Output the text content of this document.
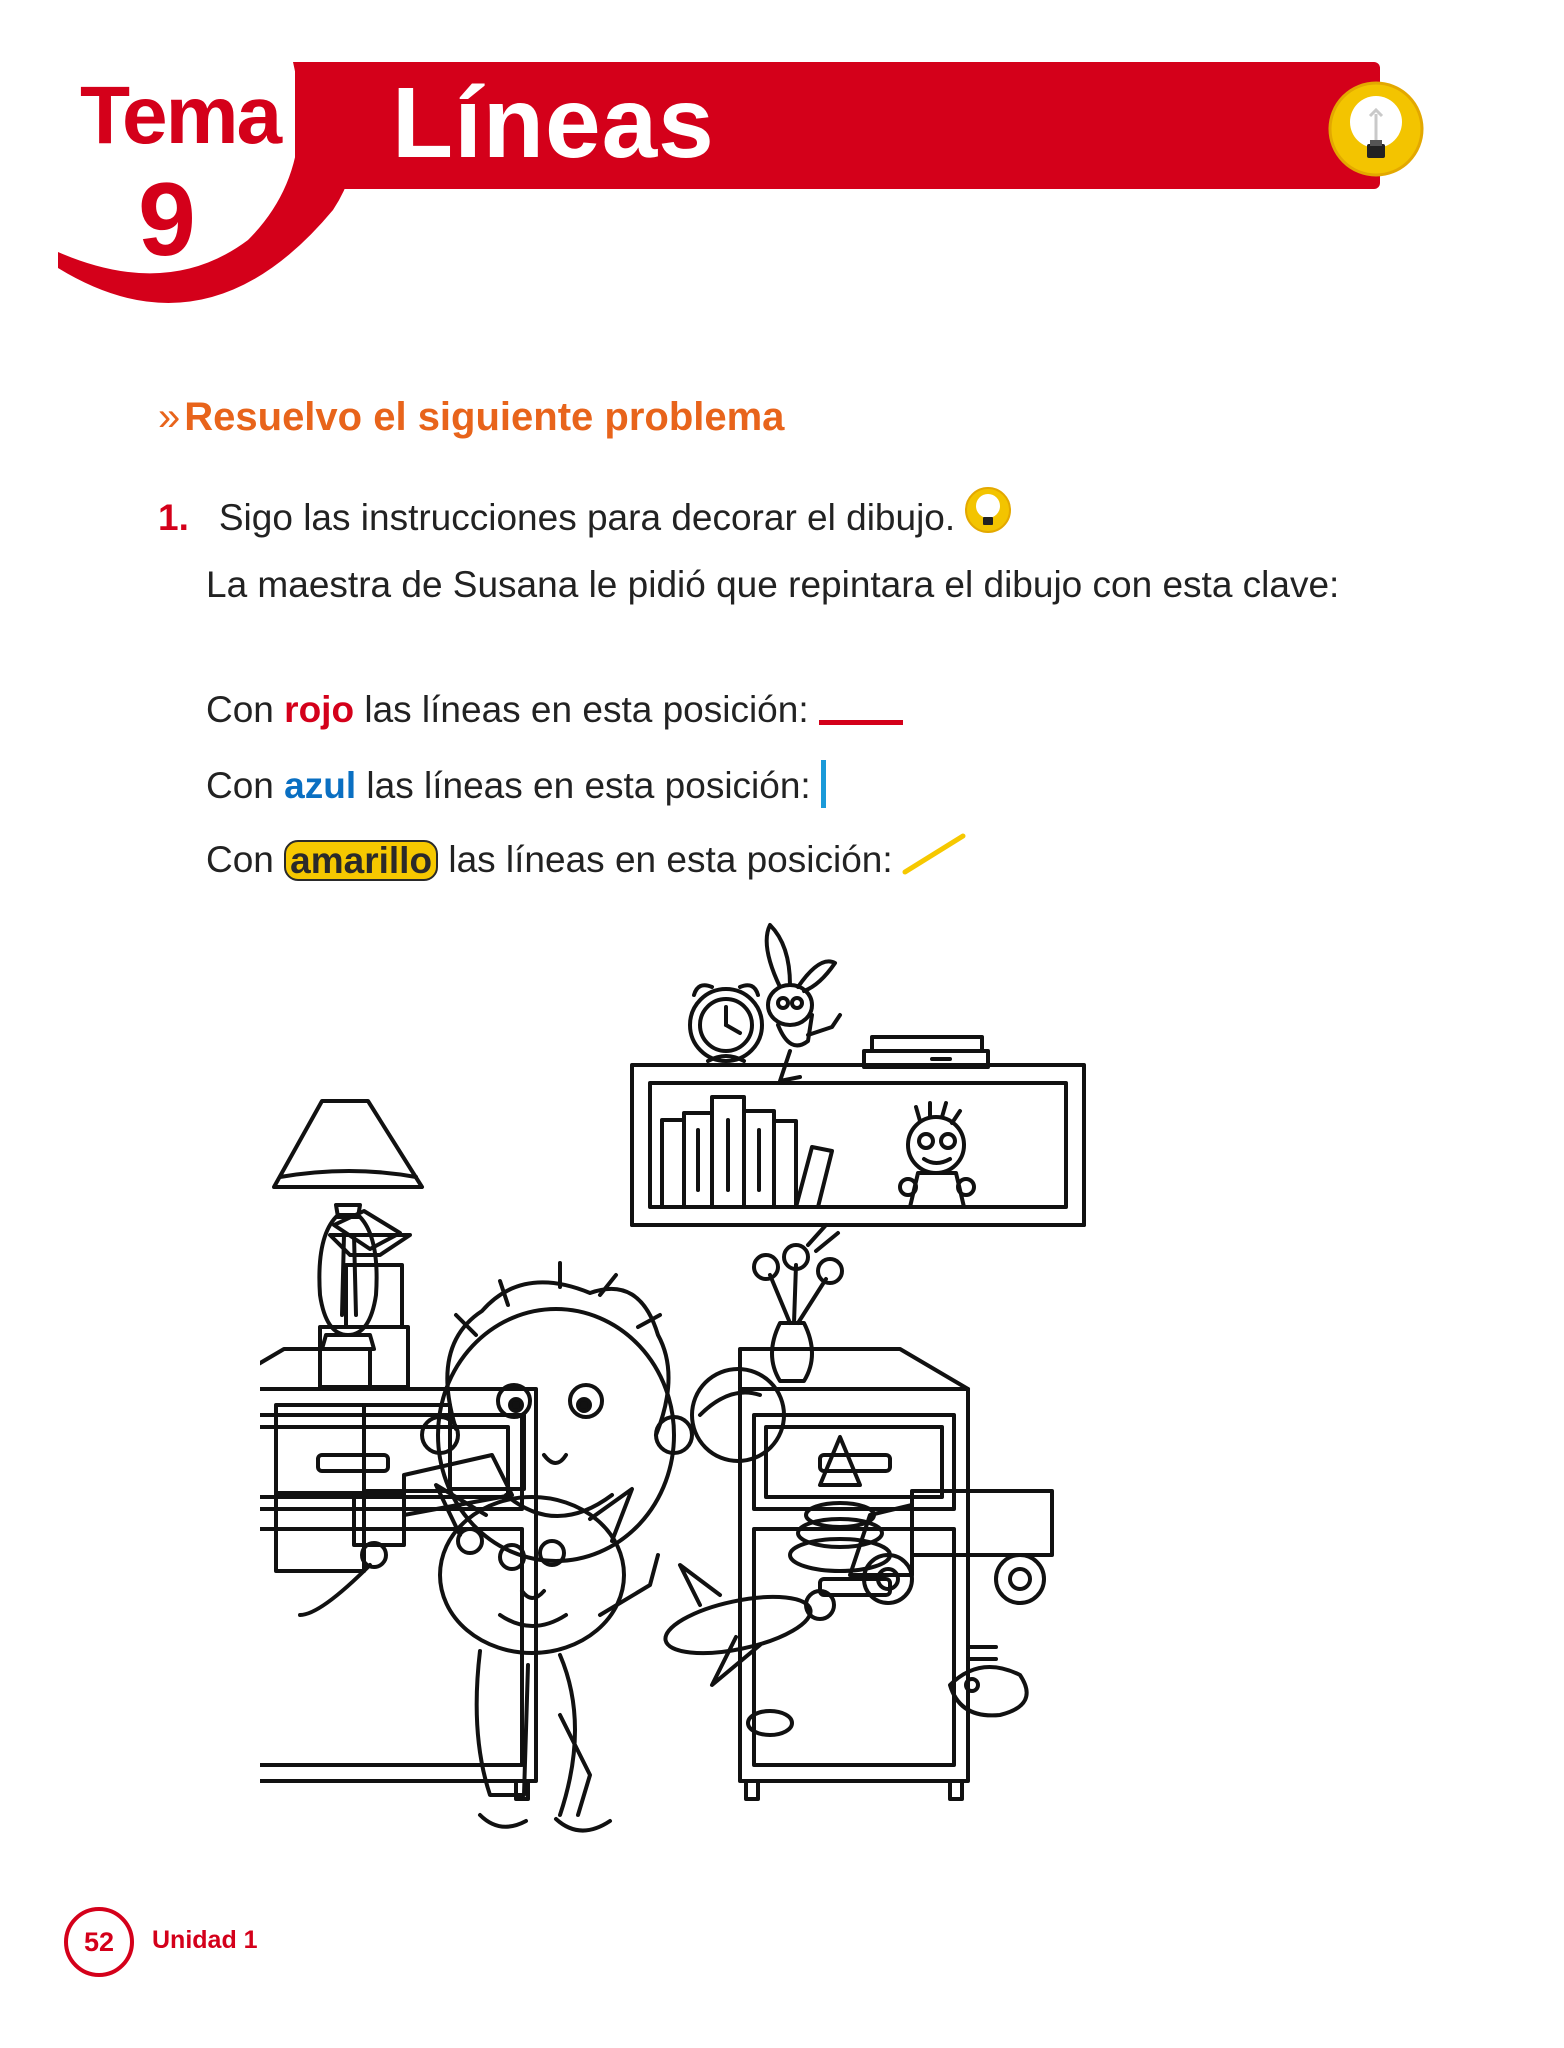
Tema
9
Líneas
» Resuelvo el siguiente problema
1. Sigo las instrucciones para decorar el dibujo.
La maestra de Susana le pidió que repintara el dibujo con esta clave:
Con
rojo
las líneas en esta posición:
Con
azul
las líneas en esta posición:
Con
amarillo
las líneas en esta posición:
52 Unidad 1
